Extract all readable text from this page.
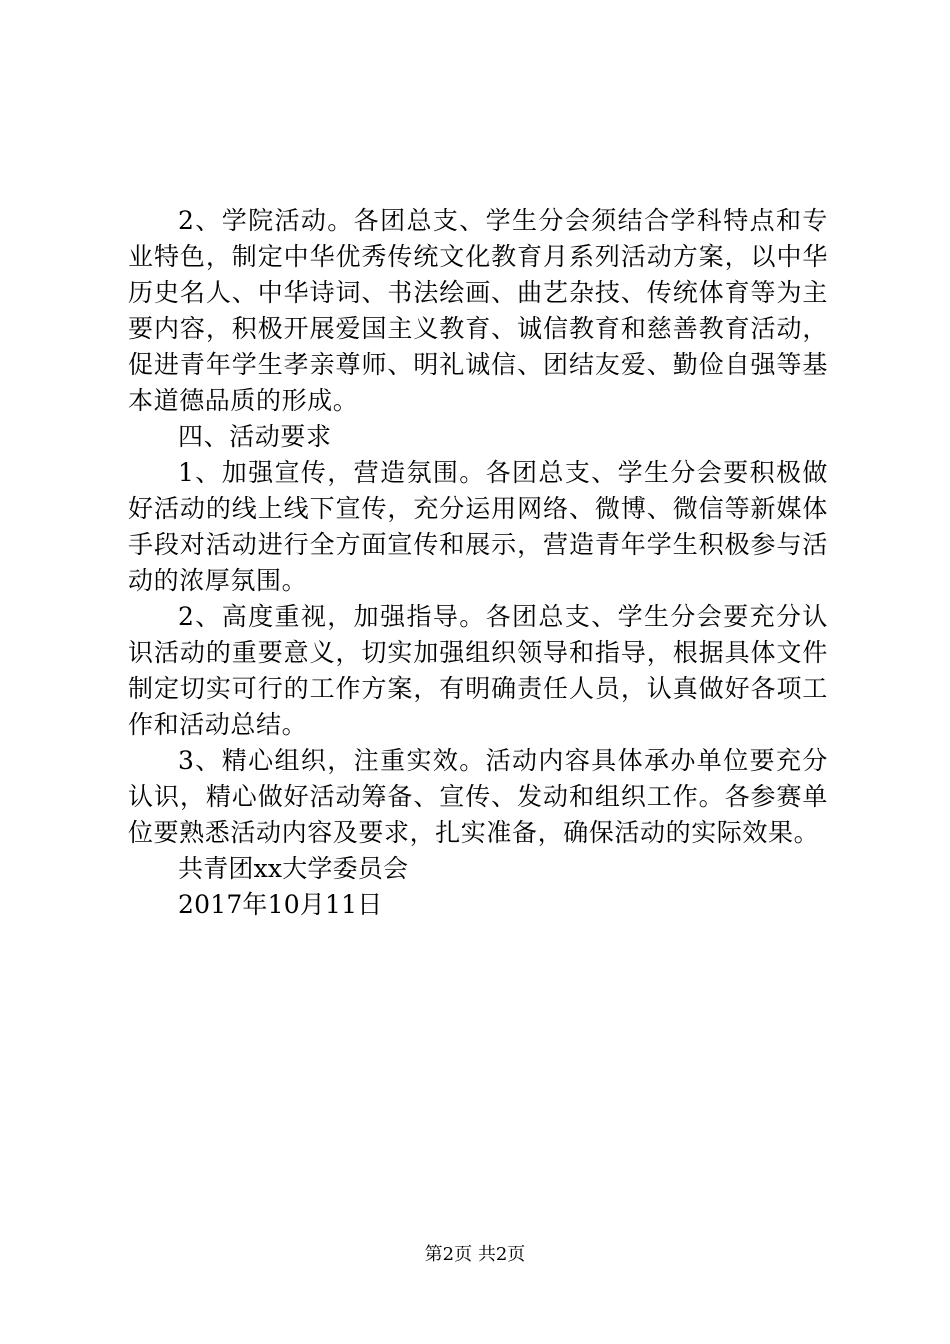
2、学院活动。各团总支、学生分会须结合学科特点和专业特色，制定中华优秀传统文化教育月系列活动方案，以中华历史名人、中华诗词、书法绘画、曲艺杂技、传统体育等为主要内容，积极开展爱国主义教育、诚信教育和慈善教育活动，促进青年学生孝亲尊师、明礼诚信、团结友爱、勤俭自强等基本道德品质的形成。

四、活动要求

1、加强宣传，营造氛围。各团总支、学生分会要积极做好活动的线上线下宣传，充分运用网络、微博、微信等新媒体手段对活动进行全方面宣传和展示，营造青年学生积极参与活动的浓厚氛围。

2、高度重视，加强指导。各团总支、学生分会要充分认识活动的重要意义，切实加强组织领导和指导，根据具体文件制定切实可行的工作方案，有明确责任人员，认真做好各项工作和活动总结。

3、精心组织，注重实效。活动内容具体承办单位要充分认识，精心做好活动筹备、宣传、发动和组织工作。各参赛单位要熟悉活动内容及要求，扎实准备，确保活动的实际效果。

共青团xx大学委员会

2017年10月11日

第2页 共2页
